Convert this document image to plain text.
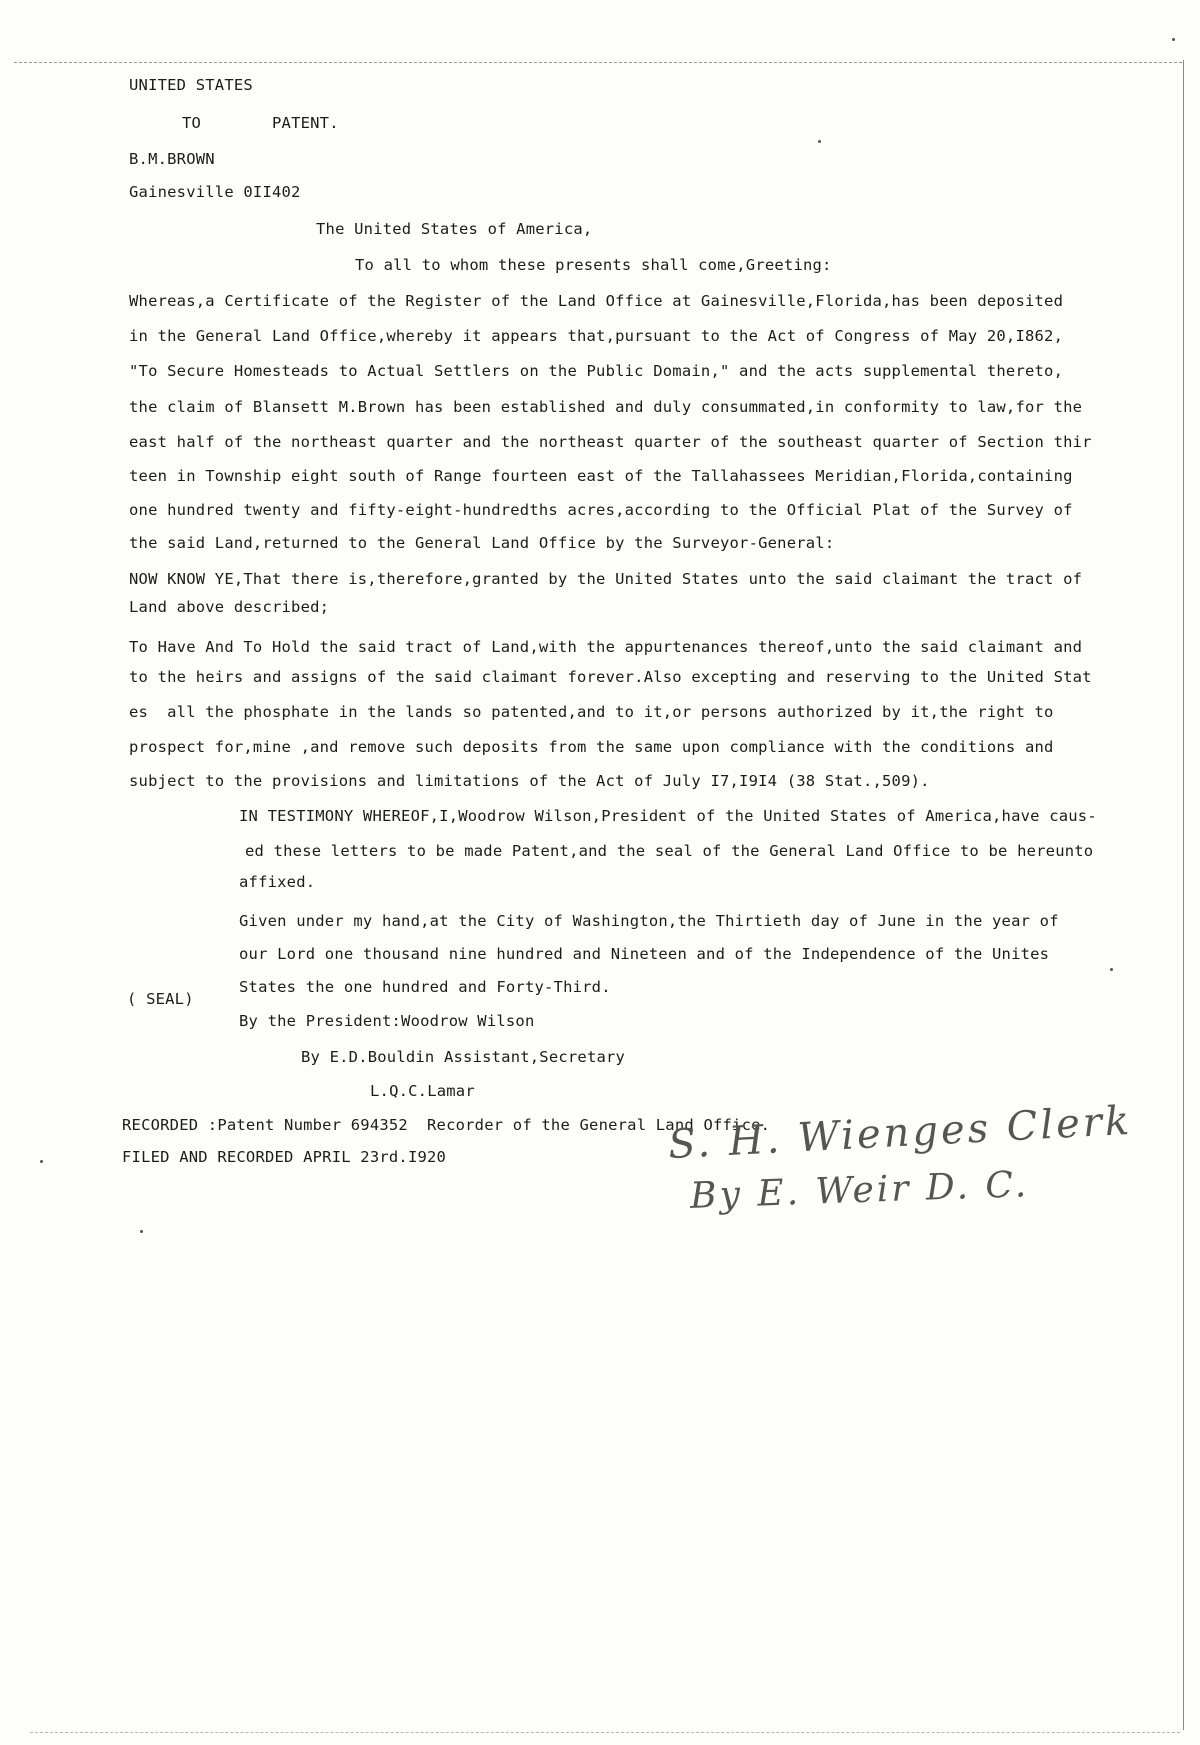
UNITED STATES
TO	PATENT.
B.M.BROWN
Gainesville 0II402
The United States of America,
To all to whom these presents shall come,Greeting:
Whereas,a Certificate of the Register of the Land Office at Gainesville,Florida,has been deposited
in the General Land Office,whereby it appears that,pursuant to the Act of Congress of May 20,I862,
"To Secure Homesteads to Actual Settlers on the Public Domain," and the acts supplemental thereto,
the claim of Blansett M.Brown has been established and duly consummated,in conformity to law,for the
east half of the northeast quarter and the northeast quarter of the southeast quarter of Section thir
teen in Township eight south of Range fourteen east of the Tallahassees Meridian,Florida,containing
one hundred twenty and fifty-eight-hundredths acres,according to the Official Plat of the Survey of
the said Land,returned to the General Land Office by the Surveyor-General:
NOW KNOW YE,That there is,therefore,granted by the United States unto the said claimant the tract of
Land above described;
To Have And To Hold the said tract of Land,with the appurtenances thereof,unto the said claimant and
to the heirs and assigns of the said claimant forever.Also excepting and reserving to the United Stat
es  all the phosphate in the lands so patented,and to it,or persons authorized by it,the right to
prospect for,mine ,and remove such deposits from the same upon compliance with the conditions and
subject to the provisions and limitations of the Act of July I7,I9I4 (38 Stat.,509).
IN TESTIMONY WHEREOF,I,Woodrow Wilson,President of the United States of America,have caus-
ed these letters to be made Patent,and the seal of the General Land Office to be hereunto
affixed.
Given under my hand,at the City of Washington,the Thirtieth day of June in the year of
our Lord one thousand nine hundred and Nineteen and of the Independence of the Unites
States the one hundred and Forty-Third.
( SEAL)
By the President:Woodrow Wilson
By E.D.Bouldin Assistant,Secretary
L.Q.C.Lamar
RECORDED :Patent Number 694352  Recorder of the General Land Office.
FILED AND RECORDED APRIL 23rd.I920	S. H. Wienges Clerk
By E. Weir D. C.
